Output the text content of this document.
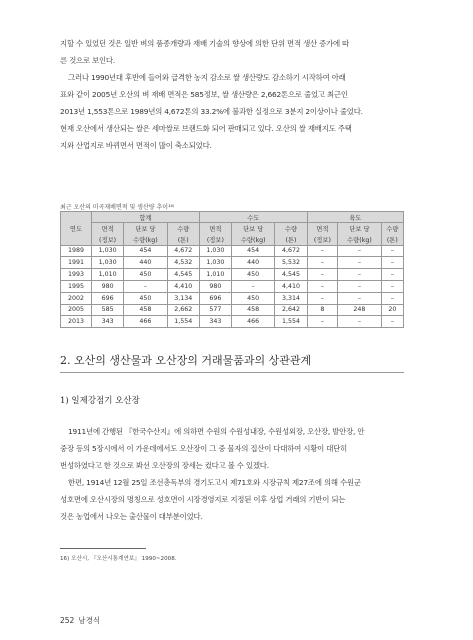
지할 수 있었던 것은 일반 벼의 품종개량과 재배 기술의 향상에 의한 단위 면적 생산 증가에 따

른 것으로 보인다.

그러나 1990년대 후반에 들어와 급격한 농지 감소로 쌀 생산량도 감소하기 시작하여 아래

표와 같이 2005년 오산의 벼 재배 면적은 585정보, 쌀 생산량은 2,662톤으로 줄었고 최근인

2013년 1,553톤으로 1989년의 4,672톤의 33.2%에 불과한 실정으로 3분지 2이상이나 줄었다.

현재 오산에서 생산되는 쌀은 세마쌀로 브랜드화 되어 판매되고 있다. 오산의 쌀 재배지도 주택

지와 산업지로 바뀌면서 면적이 많이 축소되었다.

최근 오산의 미곡재배면적 및 생산량 추이¹⁶⁾
연도	합계			수도			육도		
	면적	단보 당	수량	면적	단보 당	수량	면적	단보 당	수량
	(정보)	수량(kg)	(톤)	(정보)	수량(kg)	(톤)	(정보)	수량(kg)	(톤)
1989	1,030	454	4,672	1,030	454	4,672	–	–	–
1991	1,030	440	4,532	1,030	440	5,532	–	–	–
1993	1,010	450	4,545	1,010	450	4,545	–	–	–
1995	980	–	4,410	980	–	4,410	–	–	–
2002	696	450	3,134	696	450	3,314	–	–	–
2005	585	458	2,662	577	458	2,642	8	248	20
2013	343	466	1,554	343	466	1,554	–	–	–
2. 오산의 생산물과 오산장의 거래물품과의 상관관계
1) 일제강점기 오산장

1911년에 간행된 『한국수산지』에 의하면 수원의 수원성내장, 수원성외장, 오산장, 발안장, 안

중장 등의 5장시에서 이 가운데에서도 오산장이 그 중 물자의 집산이 다대하여 시황이 대단히

번성하였다고 한 것으로 봐선 오산장의 장세는 컸다고 볼 수 있겠다.

한편, 1914년 12월 25일 조선총독부의 경기도고시 제71호와 시장규칙 제27조에 의해 수원군

성호면에 오산시장의 명칭으로 성호면이 시장경영지로 지정된 이후 상업 거래의 기반이 되는

것은 농업에서 나오는 출산물이 대부분이었다.

16) 오산시, 『오산시통계연보』 1990~2008.
252 남경식
